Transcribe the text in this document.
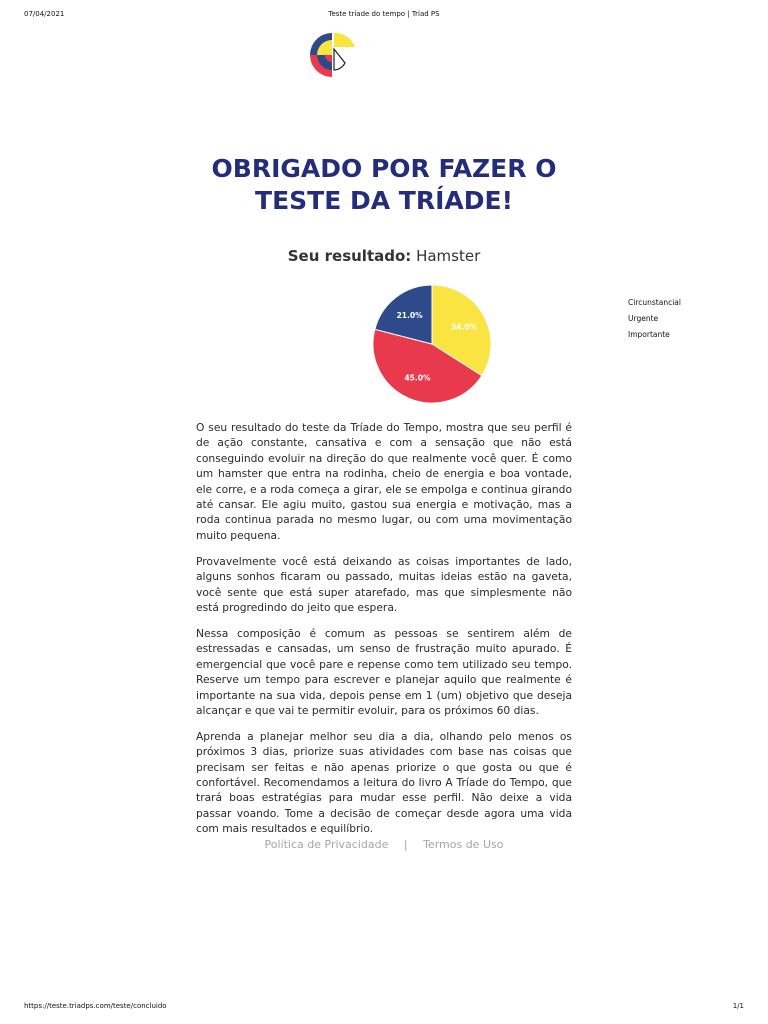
07/04/2021	Teste tríade do tempo | Tríad PS
OBRIGADO POR FAZER O
TESTE DA TRÍADE!
Seu resultado: Hamster
34.0%
45.0%
21.0%
Circunstancial
Urgente
Importante

O seu resultado do teste da Tríade do Tempo, mostra que seu perfil é de ação constante, cansativa e com a sensação que não está conseguindo evoluir na direção do que realmente você quer. É como um hamster que entra na rodinha, cheio de energia e boa vontade, ele corre, e a roda começa a girar, ele se empolga e continua girando até cansar. Ele agiu muito, gastou sua energia e motivação, mas a roda continua parada no mesmo lugar, ou com uma movimentação muito pequena.

Provavelmente você está deixando as coisas importantes de lado, alguns sonhos ficaram ou passado, muitas ideias estão na gaveta, você sente que está super atarefado, mas que simplesmente não está progredindo do jeito que espera.

Nessa composição é comum as pessoas se sentirem além de estressadas e cansadas, um senso de frustração muito apurado. É emergencial que você pare e repense como tem utilizado seu tempo. Reserve um tempo para escrever e planejar aquilo que realmente é importante na sua vida, depois pense em 1 (um) objetivo que deseja alcançar e que vai te permitir evoluir, para os próximos 60 dias.

Aprenda a planejar melhor seu dia a dia, olhando pelo menos os próximos 3 dias, priorize suas atividades com base nas coisas que precisam ser feitas e não apenas priorize o que gosta ou que é confortável. Recomendamos a leitura do livro A Tríade do Tempo, que trará boas estratégias para mudar esse perfil. Não deixe a vida passar voando. Tome a decisão de começar desde agora uma vida com mais resultados e equilíbrio.

Política de Privacidade | Termos de Uso
https://teste.triadps.com/teste/concluido	1/1
